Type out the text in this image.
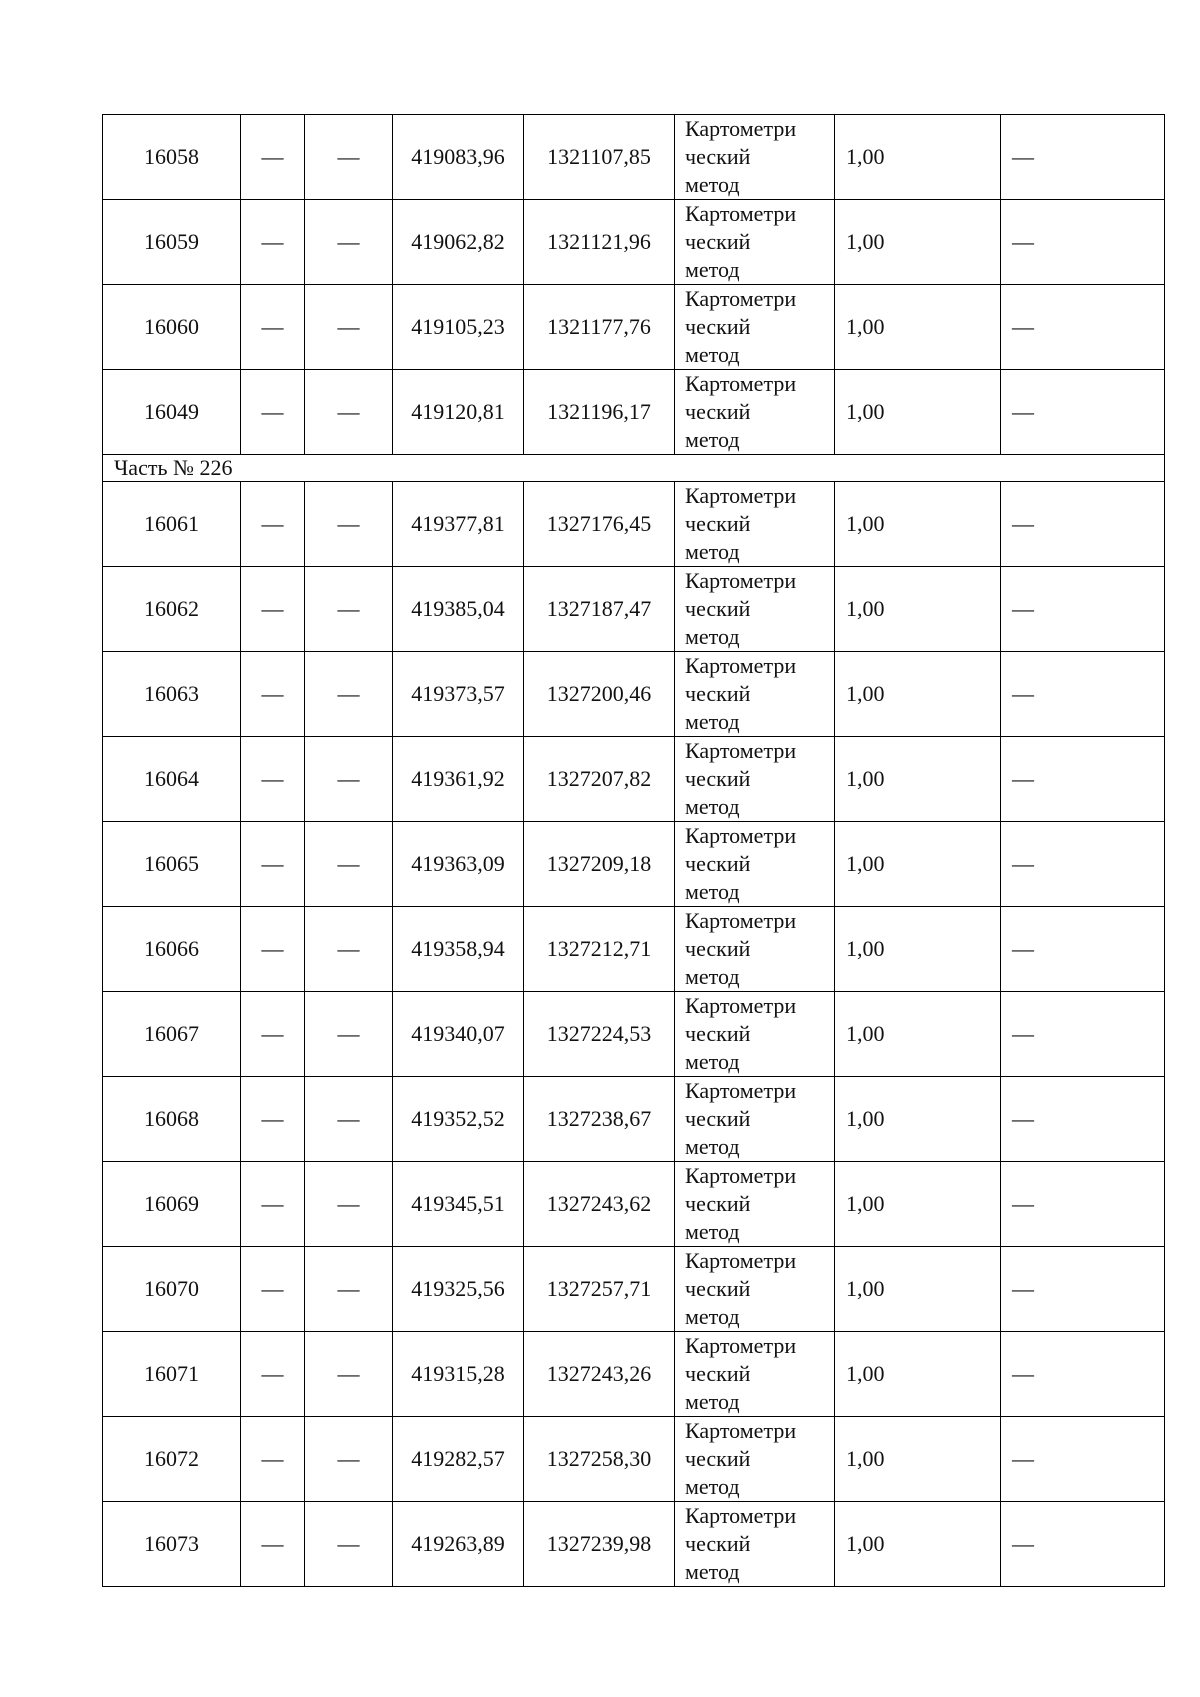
16058	—	—	419083,96	1321107,85	Картометри
ческий
метод	1,00	—
16059	—	—	419062,82	1321121,96	Картометри
ческий
метод	1,00	—
16060	—	—	419105,23	1321177,76	Картометри
ческий
метод	1,00	—
16049	—	—	419120,81	1321196,17	Картометри
ческий
метод	1,00	—
Часть № 226							
16061	—	—	419377,81	1327176,45	Картометри
ческий
метод	1,00	—
16062	—	—	419385,04	1327187,47	Картометри
ческий
метод	1,00	—
16063	—	—	419373,57	1327200,46	Картометри
ческий
метод	1,00	—
16064	—	—	419361,92	1327207,82	Картометри
ческий
метод	1,00	—
16065	—	—	419363,09	1327209,18	Картометри
ческий
метод	1,00	—
16066	—	—	419358,94	1327212,71	Картометри
ческий
метод	1,00	—
16067	—	—	419340,07	1327224,53	Картометри
ческий
метод	1,00	—
16068	—	—	419352,52	1327238,67	Картометри
ческий
метод	1,00	—
16069	—	—	419345,51	1327243,62	Картометри
ческий
метод	1,00	—
16070	—	—	419325,56	1327257,71	Картометри
ческий
метод	1,00	—
16071	—	—	419315,28	1327243,26	Картометри
ческий
метод	1,00	—
16072	—	—	419282,57	1327258,30	Картометри
ческий
метод	1,00	—
16073	—	—	419263,89	1327239,98	Картометри
ческий
метод	1,00	—
